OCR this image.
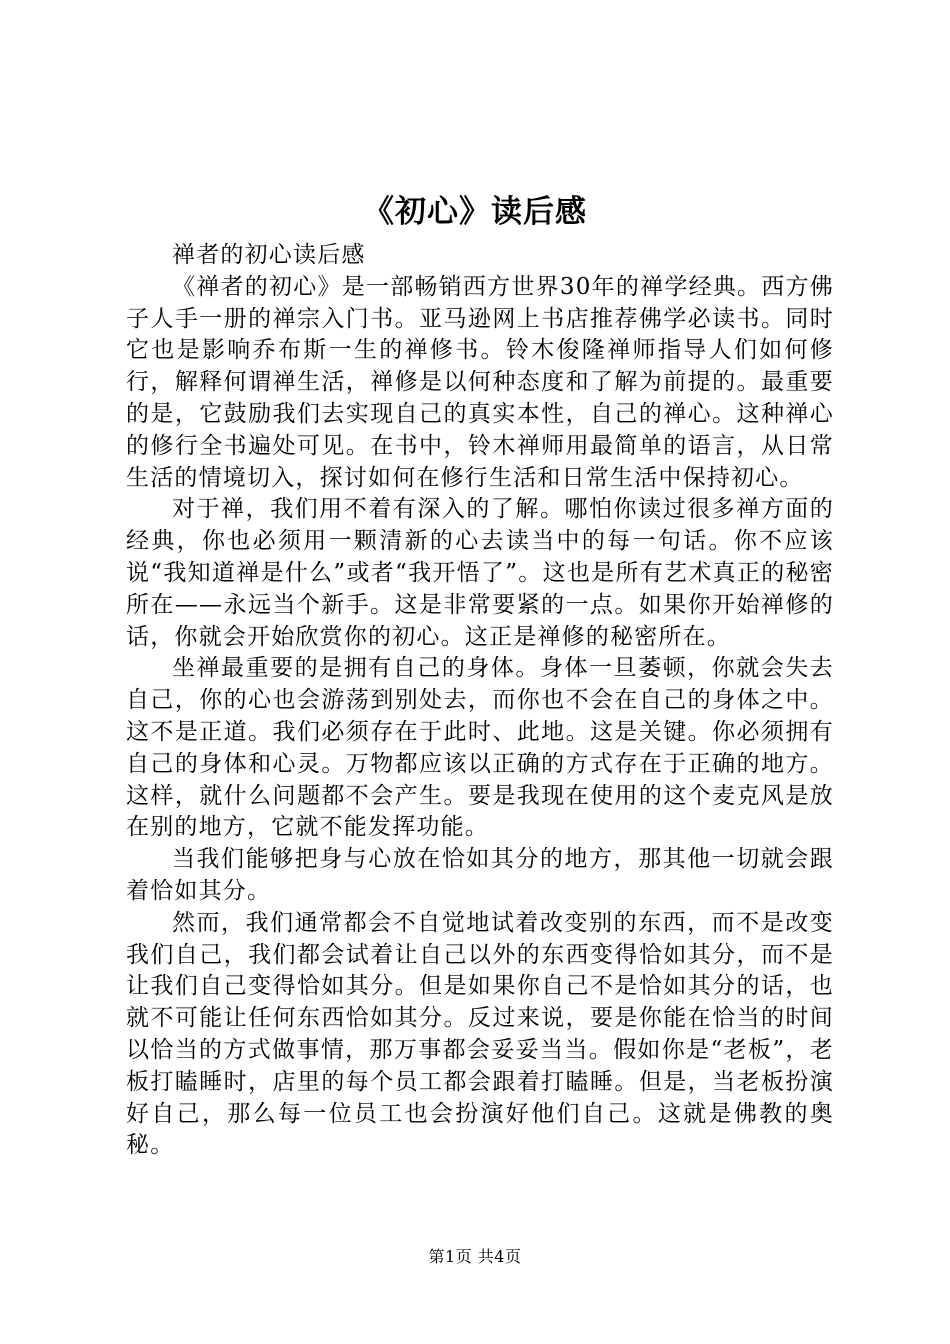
《初心》读后感

禅者的初心读后感

《禅者的初心》是一部畅销西方世界30年的禅学经典。西方佛子人手一册的禅宗入门书。亚马逊网上书店推荐佛学必读书。同时它也是影响乔布斯一生的禅修书。铃木俊隆禅师指导人们如何修行，解释何谓禅生活，禅修是以何种态度和了解为前提的。最重要的是，它鼓励我们去实现自己的真实本性，自己的禅心。这种禅心的修行全书遍处可见。在书中，铃木禅师用最简单的语言，从日常生活的情境切入，探讨如何在修行生活和日常生活中保持初心。

对于禅，我们用不着有深入的了解。哪怕你读过很多禅方面的经典，你也必须用一颗清新的心去读当中的每一句话。你不应该说“我知道禅是什么”或者“我开悟了”。这也是所有艺术真正的秘密所在——永远当个新手。这是非常要紧的一点。如果你开始禅修的话，你就会开始欣赏你的初心。这正是禅修的秘密所在。

坐禅最重要的是拥有自己的身体。身体一旦萎顿，你就会失去自己，你的心也会游荡到别处去，而你也不会在自己的身体之中。这不是正道。我们必须存在于此时、此地。这是关键。你必须拥有自己的身体和心灵。万物都应该以正确的方式存在于正确的地方。这样，就什么问题都不会产生。要是我现在使用的这个麦克风是放在别的地方，它就不能发挥功能。

当我们能够把身与心放在恰如其分的地方，那其他一切就会跟着恰如其分。

然而，我们通常都会不自觉地试着改变别的东西，而不是改变我们自己，我们都会试着让自己以外的东西变得恰如其分，而不是让我们自己变得恰如其分。但是如果你自己不是恰如其分的话，也就不可能让任何东西恰如其分。反过来说，要是你能在恰当的时间以恰当的方式做事情，那万事都会妥妥当当。假如你是“老板”，老板打瞌睡时，店里的每个员工都会跟着打瞌睡。但是，当老板扮演好自己，那么每一位员工也会扮演好他们自己。这就是佛教的奥秘。

第1页 共4页
